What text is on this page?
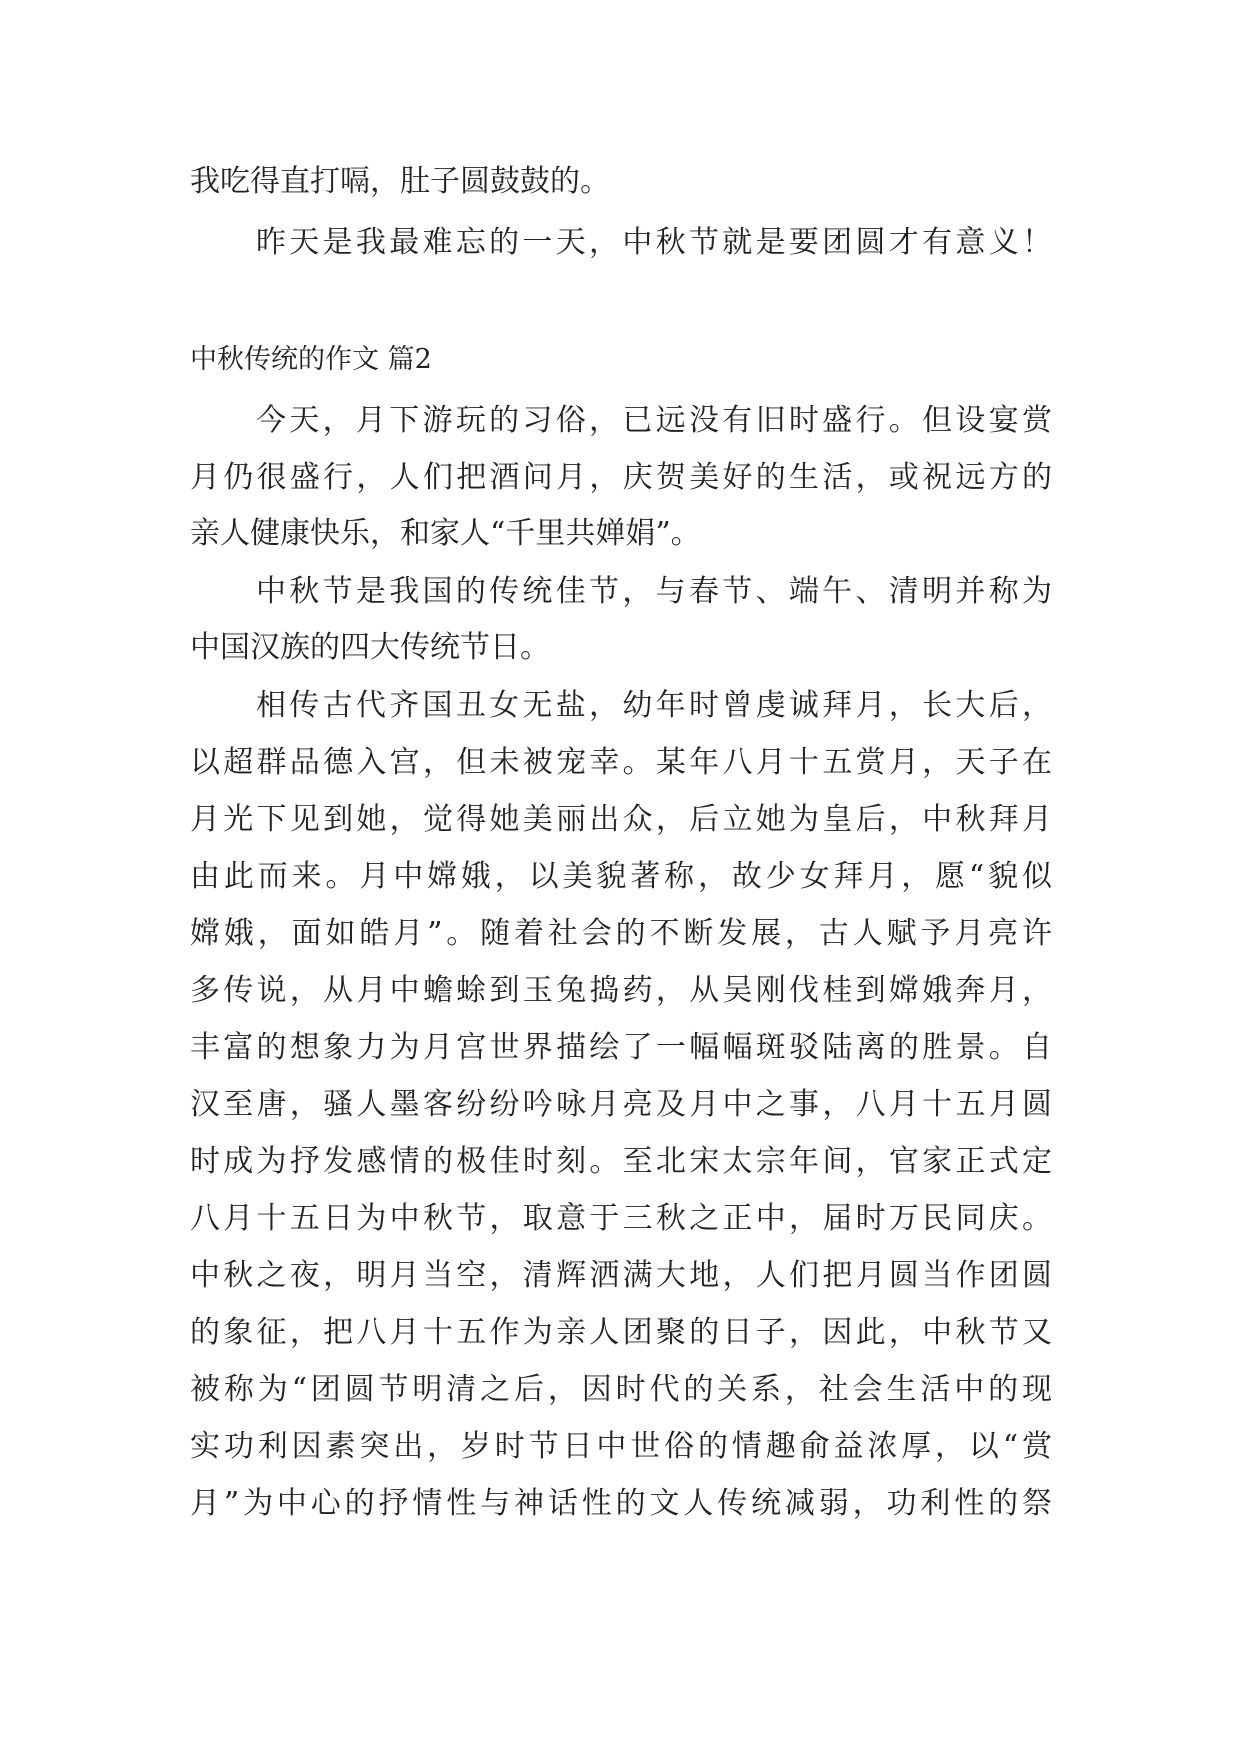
我吃得直打嗝，肚子圆鼓鼓的。
昨天是我最难忘的一天，中秋节就是要团圆才有意义！
中秋传统的作文 篇2
今天，月下游玩的习俗，已远没有旧时盛行。但设宴赏
月仍很盛行，人们把酒问月，庆贺美好的生活，或祝远方的
亲人健康快乐，和家人“千里共婵娟”。
中秋节是我国的传统佳节，与春节、端午、清明并称为
中国汉族的四大传统节日。
相传古代齐国丑女无盐，幼年时曾虔诚拜月，长大后，
以超群品德入宫，但未被宠幸。某年八月十五赏月，天子在
月光下见到她，觉得她美丽出众，后立她为皇后，中秋拜月
由此而来。月中嫦娥，以美貌著称，故少女拜月，愿“貌似
嫦娥，面如皓月”。随着社会的不断发展，古人赋予月亮许
多传说，从月中蟾蜍到玉兔捣药，从吴刚伐桂到嫦娥奔月，
丰富的想象力为月宫世界描绘了一幅幅斑驳陆离的胜景。自
汉至唐，骚人墨客纷纷吟咏月亮及月中之事，八月十五月圆
时成为抒发感情的极佳时刻。至北宋太宗年间，官家正式定
八月十五日为中秋节，取意于三秋之正中，届时万民同庆。
中秋之夜，明月当空，清辉洒满大地，人们把月圆当作团圆
的象征，把八月十五作为亲人团聚的日子，因此，中秋节又
被称为“团圆节明清之后，因时代的关系，社会生活中的现
实功利因素突出，岁时节日中世俗的情趣俞益浓厚，以“赏
月”为中心的抒情性与神话性的文人传统减弱，功利性的祭
